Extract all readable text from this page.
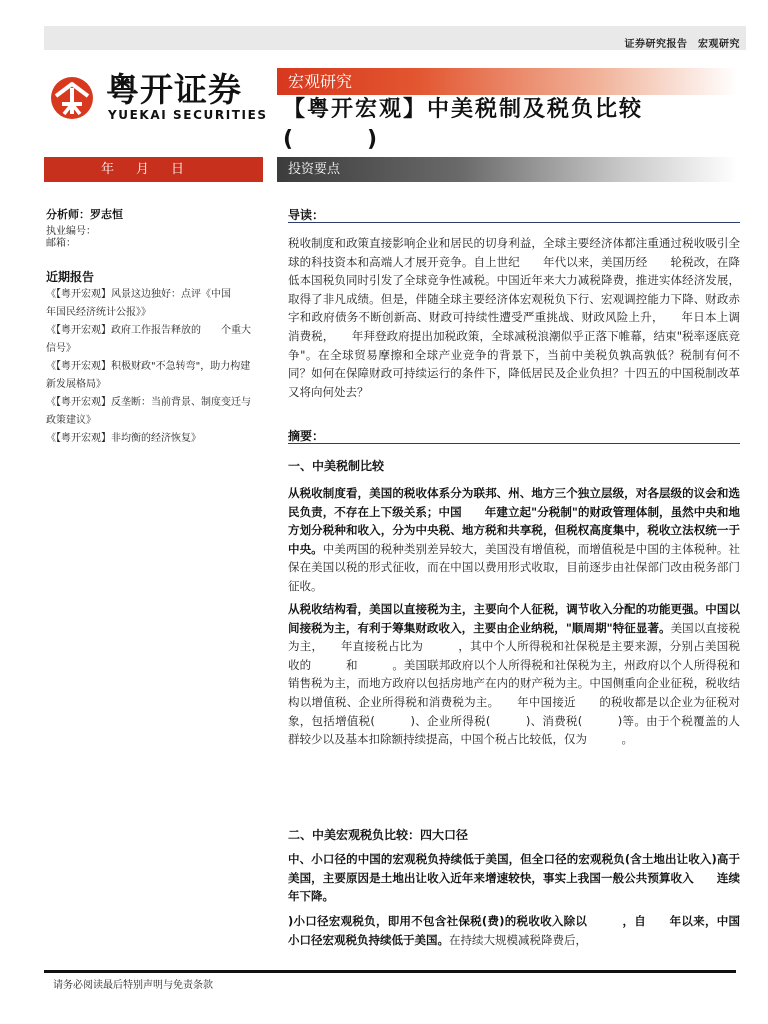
证券研究报告　宏观研究
粤开证券
YUEKAI SECURITIES
宏观研究
【粤开宏观】中美税制及税负比较
(　　　)
年月日	投资要点
分析师：罗志恒
执业编号：
邮箱：
近期报告
《【粤开宏观】风景这边独好：点评《中国　　年国民经济统计公报》》
《【粤开宏观】政府工作报告释放的　　个重大信号》
《【粤开宏观】积极财政"不急转弯"，助力构建新发展格局》
《【粤开宏观】反垄断：当前背景、制度变迁与政策建议》
《【粤开宏观】非均衡的经济恢复》
导读：
税收制度和政策直接影响企业和居民的切身利益，全球主要经济体都注重通过税收吸引全球的科技资本和高端人才展开竞争。自上世纪　　年代以来，美国历经　　轮税改，在降低本国税负同时引发了全球竞争性减税。中国近年来大力减税降费，推进实体经济发展，取得了非凡成绩。但是，伴随全球主要经济体宏观税负下行、宏观调控能力下降、财政赤字和政府债务不断创新高、财政可持续性遭受严重挑战、财政风险上升，　　年日本上调消费税，　　年拜登政府提出加税政策，全球减税浪潮似乎正落下帷幕，结束"税率逐底竞争"。在全球贸易摩擦和全球产业竞争的背景下，当前中美税负孰高孰低？税制有何不同？如何在保障财政可持续运行的条件下，降低居民及企业负担？十四五的中国税制改革又将向何处去？
摘要：
一、中美税制比较
从税收制度看，美国的税收体系分为联邦、州、地方三个独立层级，对各层级的议会和选民负责，不存在上下级关系；中国　　年建立起"分税制"的财政管理体制，虽然中央和地方划分税种和收入，分为中央税、地方税和共享税，但税权高度集中，税收立法权统一于中央。中美两国的税种类别差异较大，美国没有增值税，而增值税是中国的主体税种。社保在美国以税的形式征收，而在中国以费用形式收取，目前逐步由社保部门改由税务部门征收。
从税收结构看，美国以直接税为主，主要向个人征税，调节收入分配的功能更强。中国以间接税为主，有利于筹集财政收入，主要由企业纳税，"顺周期"特征显著。美国以直接税为主，　　年直接税占比为　　　，其中个人所得税和社保税是主要来源，分别占美国税收的　　　和　　　。美国联邦政府以个人所得税和社保税为主，州政府以个人所得税和销售税为主，而地方政府以包括房地产在内的财产税为主。中国侧重向企业征税，税收结构以增值税、企业所得税和消费税为主。　　年中国接近　　的税收都是以企业为征税对象，包括增值税(　　　)、企业所得税(　　　)、消费税(　　　)等。由于个税覆盖的人群较少以及基本扣除额持续提高，中国个税占比较低，仅为　　　。
二、中美宏观税负比较：四大口径
中、小口径的中国的宏观税负持续低于美国，但全口径的宏观税负(含土地出让收入)高于美国，主要原因是土地出让收入近年来增速较快，事实上我国一般公共预算收入　　连续　年下降。
)小口径宏观税负，即用不包含社保税(费)的税收收入除以　　　，自　　年以来，中国小口径宏观税负持续低于美国。在持续大规模减税降费后，
请务必阅读最后特别声明与免责条款
